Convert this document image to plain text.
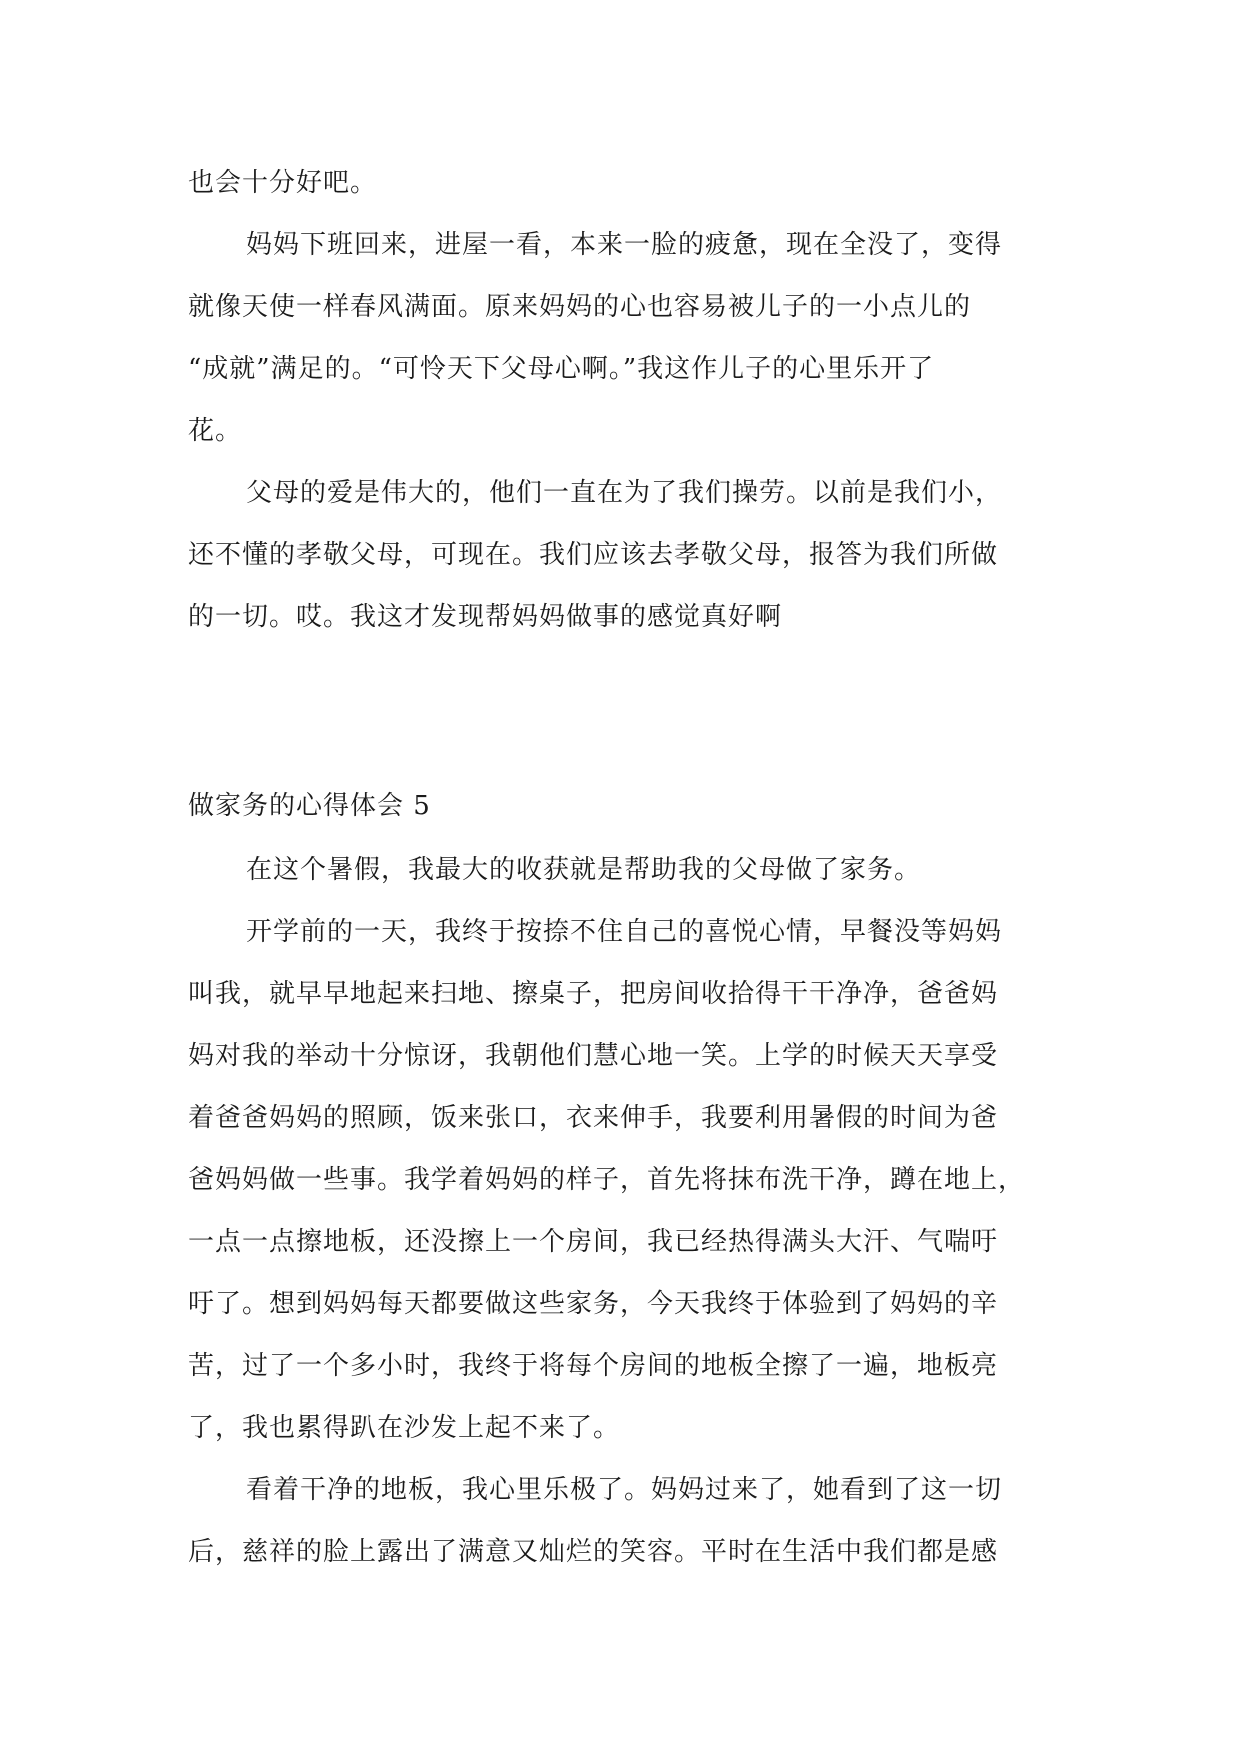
也会十分好吧。
妈妈下班回来，进屋一看，本来一脸的疲惫，现在全没了，变得
就像天使一样春风满面。原来妈妈的心也容易被儿子的一小点儿的
“成就”满足的。“可怜天下父母心啊。”我这作儿子的心里乐开了
花。
父母的爱是伟大的，他们一直在为了我们操劳。以前是我们小，
还不懂的孝敬父母，可现在。我们应该去孝敬父母，报答为我们所做
的一切。哎。我这才发现帮妈妈做事的感觉真好啊
做家务的心得体会 5
在这个暑假，我最大的收获就是帮助我的父母做了家务。
开学前的一天，我终于按捺不住自己的喜悦心情，早餐没等妈妈
叫我，就早早地起来扫地、擦桌子，把房间收拾得干干净净，爸爸妈
妈对我的举动十分惊讶，我朝他们慧心地一笑。上学的时候天天享受
着爸爸妈妈的照顾，饭来张口，衣来伸手，我要利用暑假的时间为爸
爸妈妈做一些事。我学着妈妈的样子，首先将抹布洗干净，蹲在地上，
一点一点擦地板，还没擦上一个房间，我已经热得满头大汗、气喘吁
吁了。想到妈妈每天都要做这些家务，今天我终于体验到了妈妈的辛
苦，过了一个多小时，我终于将每个房间的地板全擦了一遍，地板亮
了，我也累得趴在沙发上起不来了。
看着干净的地板，我心里乐极了。妈妈过来了，她看到了这一切
后，慈祥的脸上露出了满意又灿烂的笑容。平时在生活中我们都是感
